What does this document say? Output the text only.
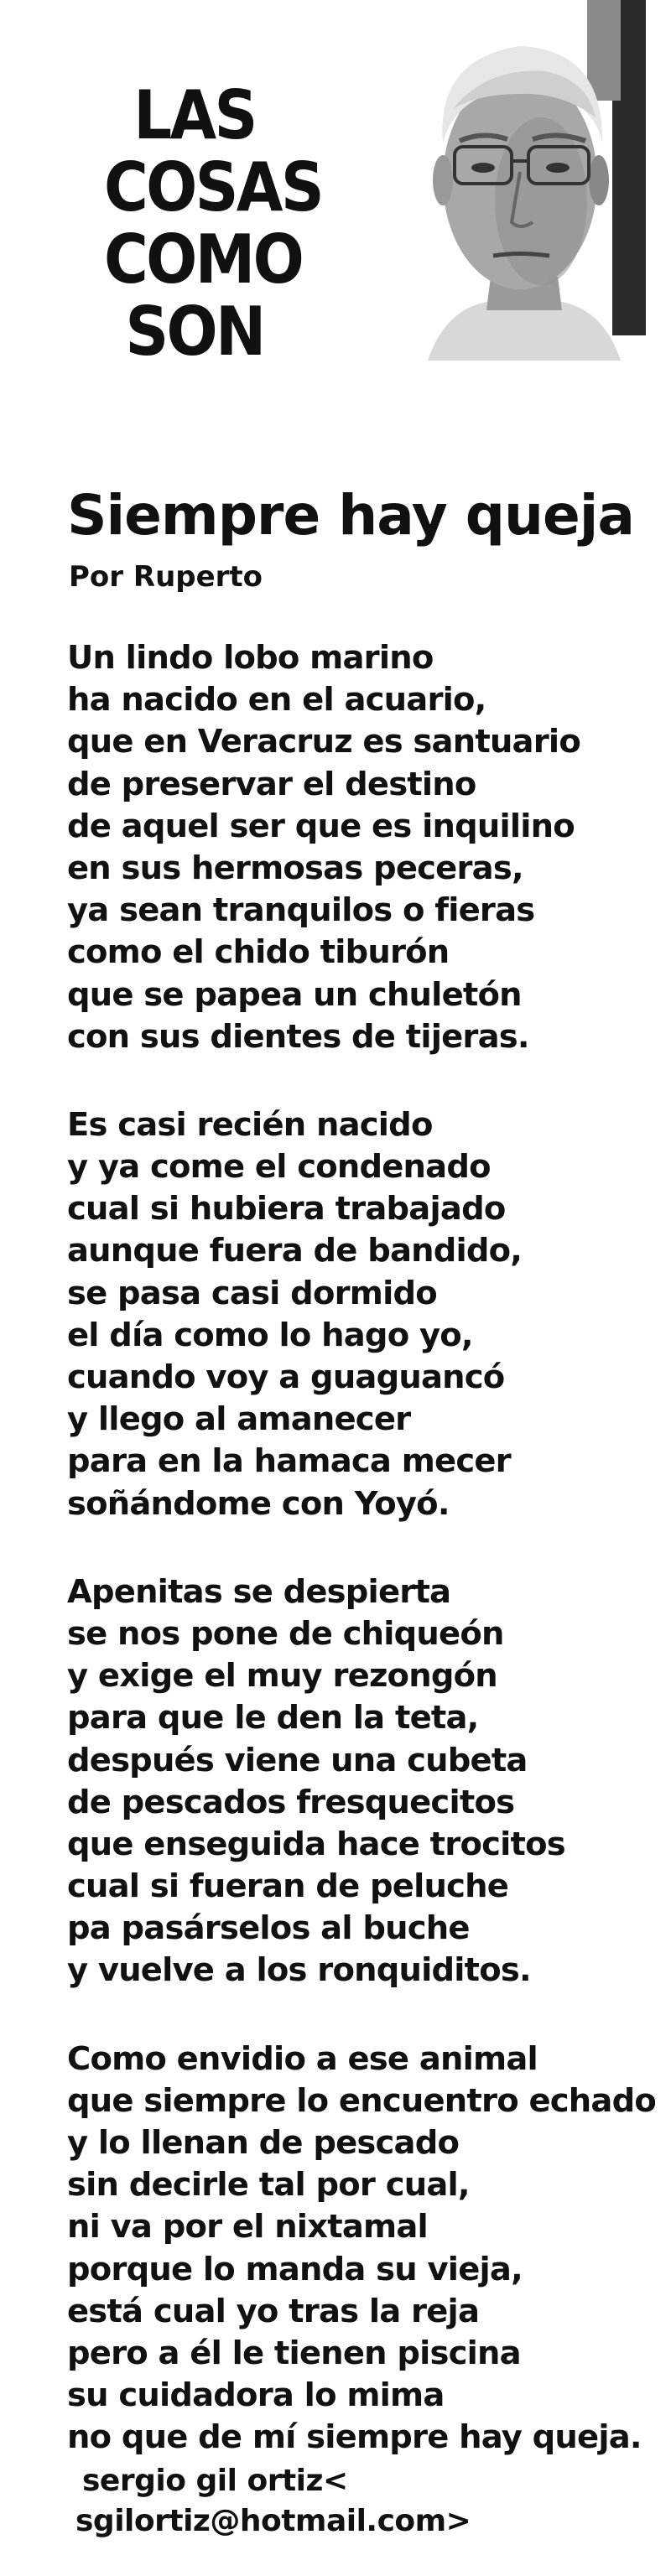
LAS
COSAS
COMO
SON
Siempre hay queja
Por Ruperto
Un lindo lobo marino
ha nacido en el acuario,
que en Veracruz es santuario
de preservar el destino
de aquel ser que es inquilino
en sus hermosas peceras,
ya sean tranquilos o fieras
como el chido tiburón
que se papea un chuletón
con sus dientes de tijeras.
Es casi recién nacido
y ya come el condenado
cual si hubiera trabajado
aunque fuera de bandido,
se pasa casi dormido
el día como lo hago yo,
cuando voy a guaguancó
y llego al amanecer
para en la hamaca mecer
soñándome con Yoyó.
Apenitas se despierta
se nos pone de chiqueón
y exige el muy rezongón
para que le den la teta,
después viene una cubeta
de pescados fresquecitos
que enseguida hace trocitos
cual si fueran de peluche
pa pasárselos al buche
y vuelve a los ronquiditos.
Como envidio a ese animal
que siempre lo encuentro echado
y lo llenan de pescado
sin decirle tal por cual,
ni va por el nixtamal
porque lo manda su vieja,
está cual yo tras la reja
pero a él le tienen piscina
su cuidadora lo mima
no que de mí siempre hay queja.
sergio gil ortiz<
sgilortiz@hotmail.com>
